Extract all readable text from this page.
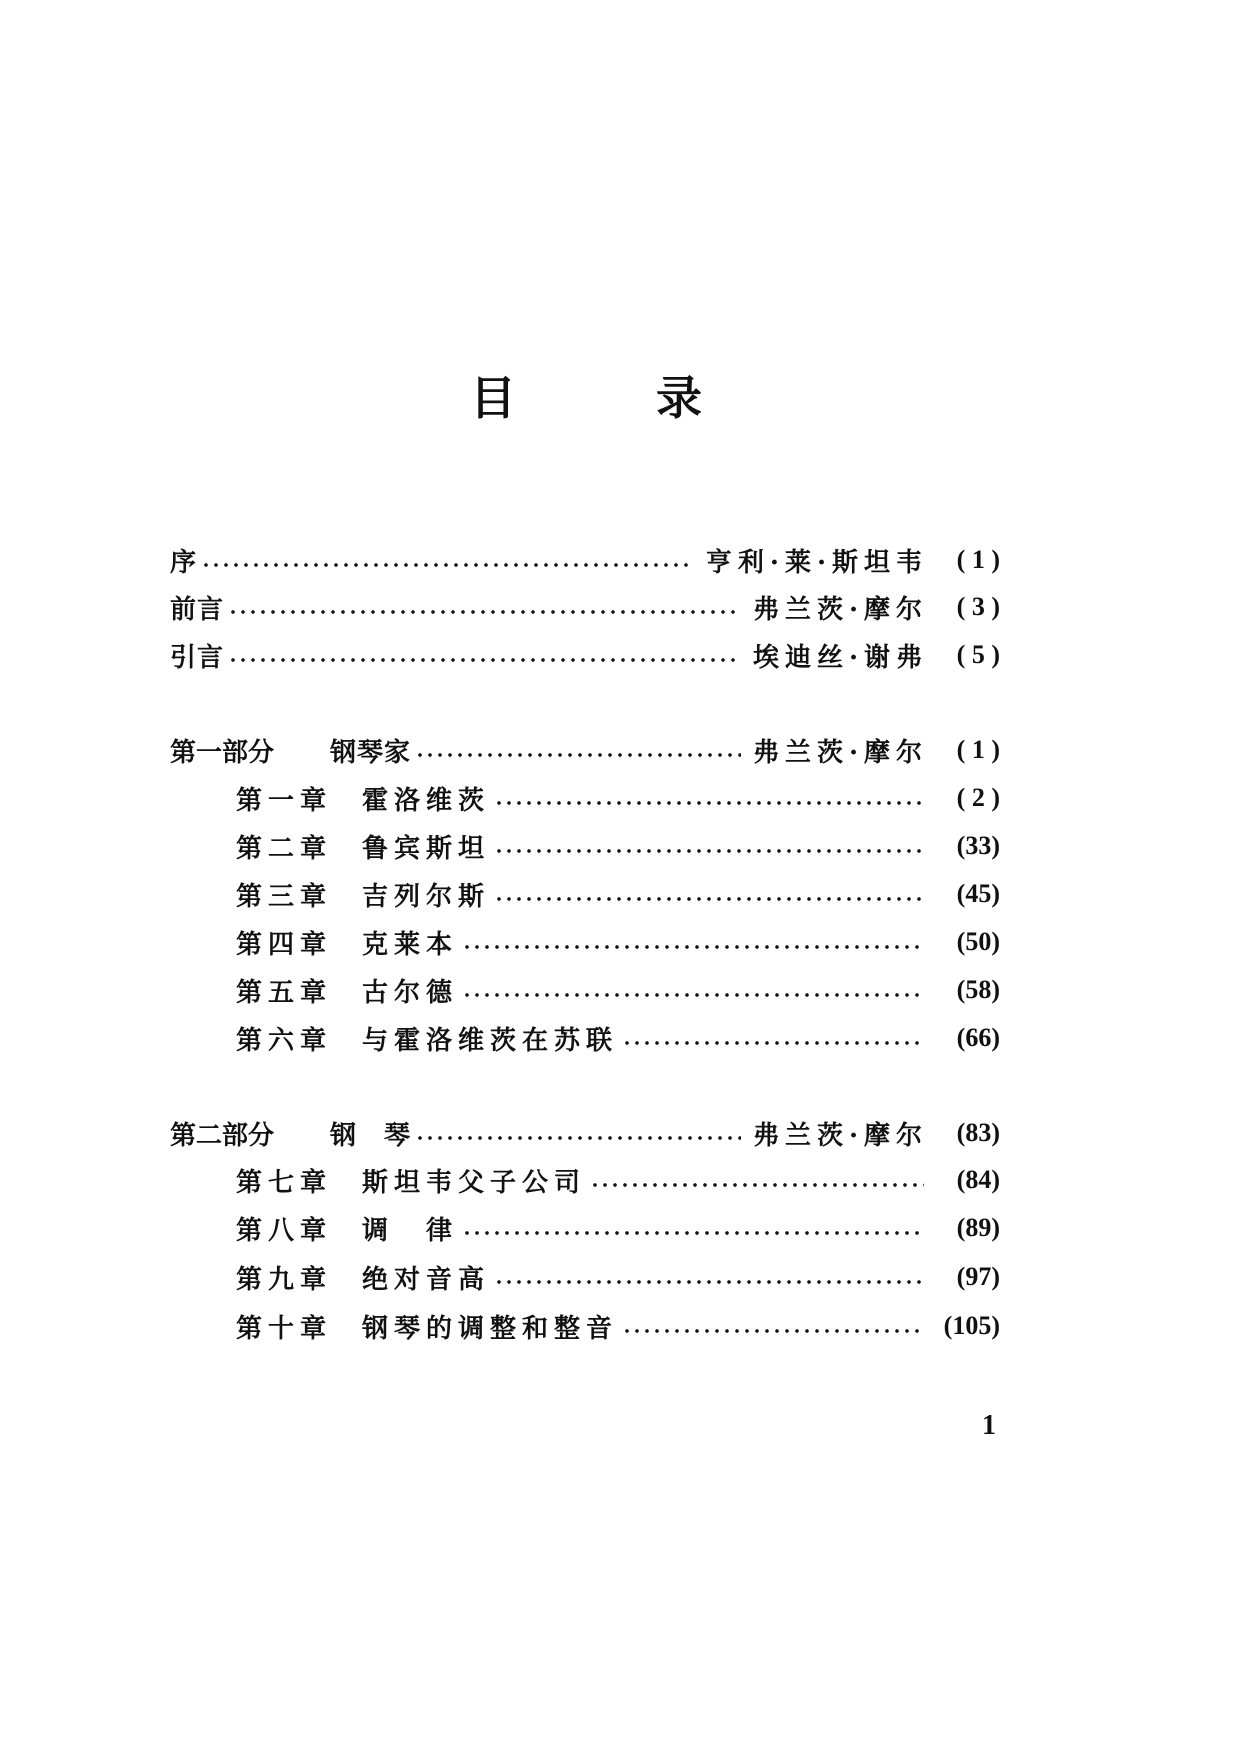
目	录
序	亨利·莱·斯坦韦	( 1 )
前言	弗兰茨·摩尔	( 3 )
引言	埃迪丝·谢弗	( 5 )
第一部分	钢琴家	弗兰茨·摩尔	( 1 )
第一章	霍洛维茨	( 2 )
第二章	鲁宾斯坦	(33)
第三章	吉列尔斯	(45)
第四章	克莱本	(50)
第五章	古尔德	(58)
第六章	与霍洛维茨在苏联	(66)
第二部分	钢　琴	弗兰茨·摩尔	(83)
第七章	斯坦韦父子公司	(84)
第八章	调　律	(89)
第九章	绝对音高	(97)
第十章	钢琴的调整和整音	(105)
1
